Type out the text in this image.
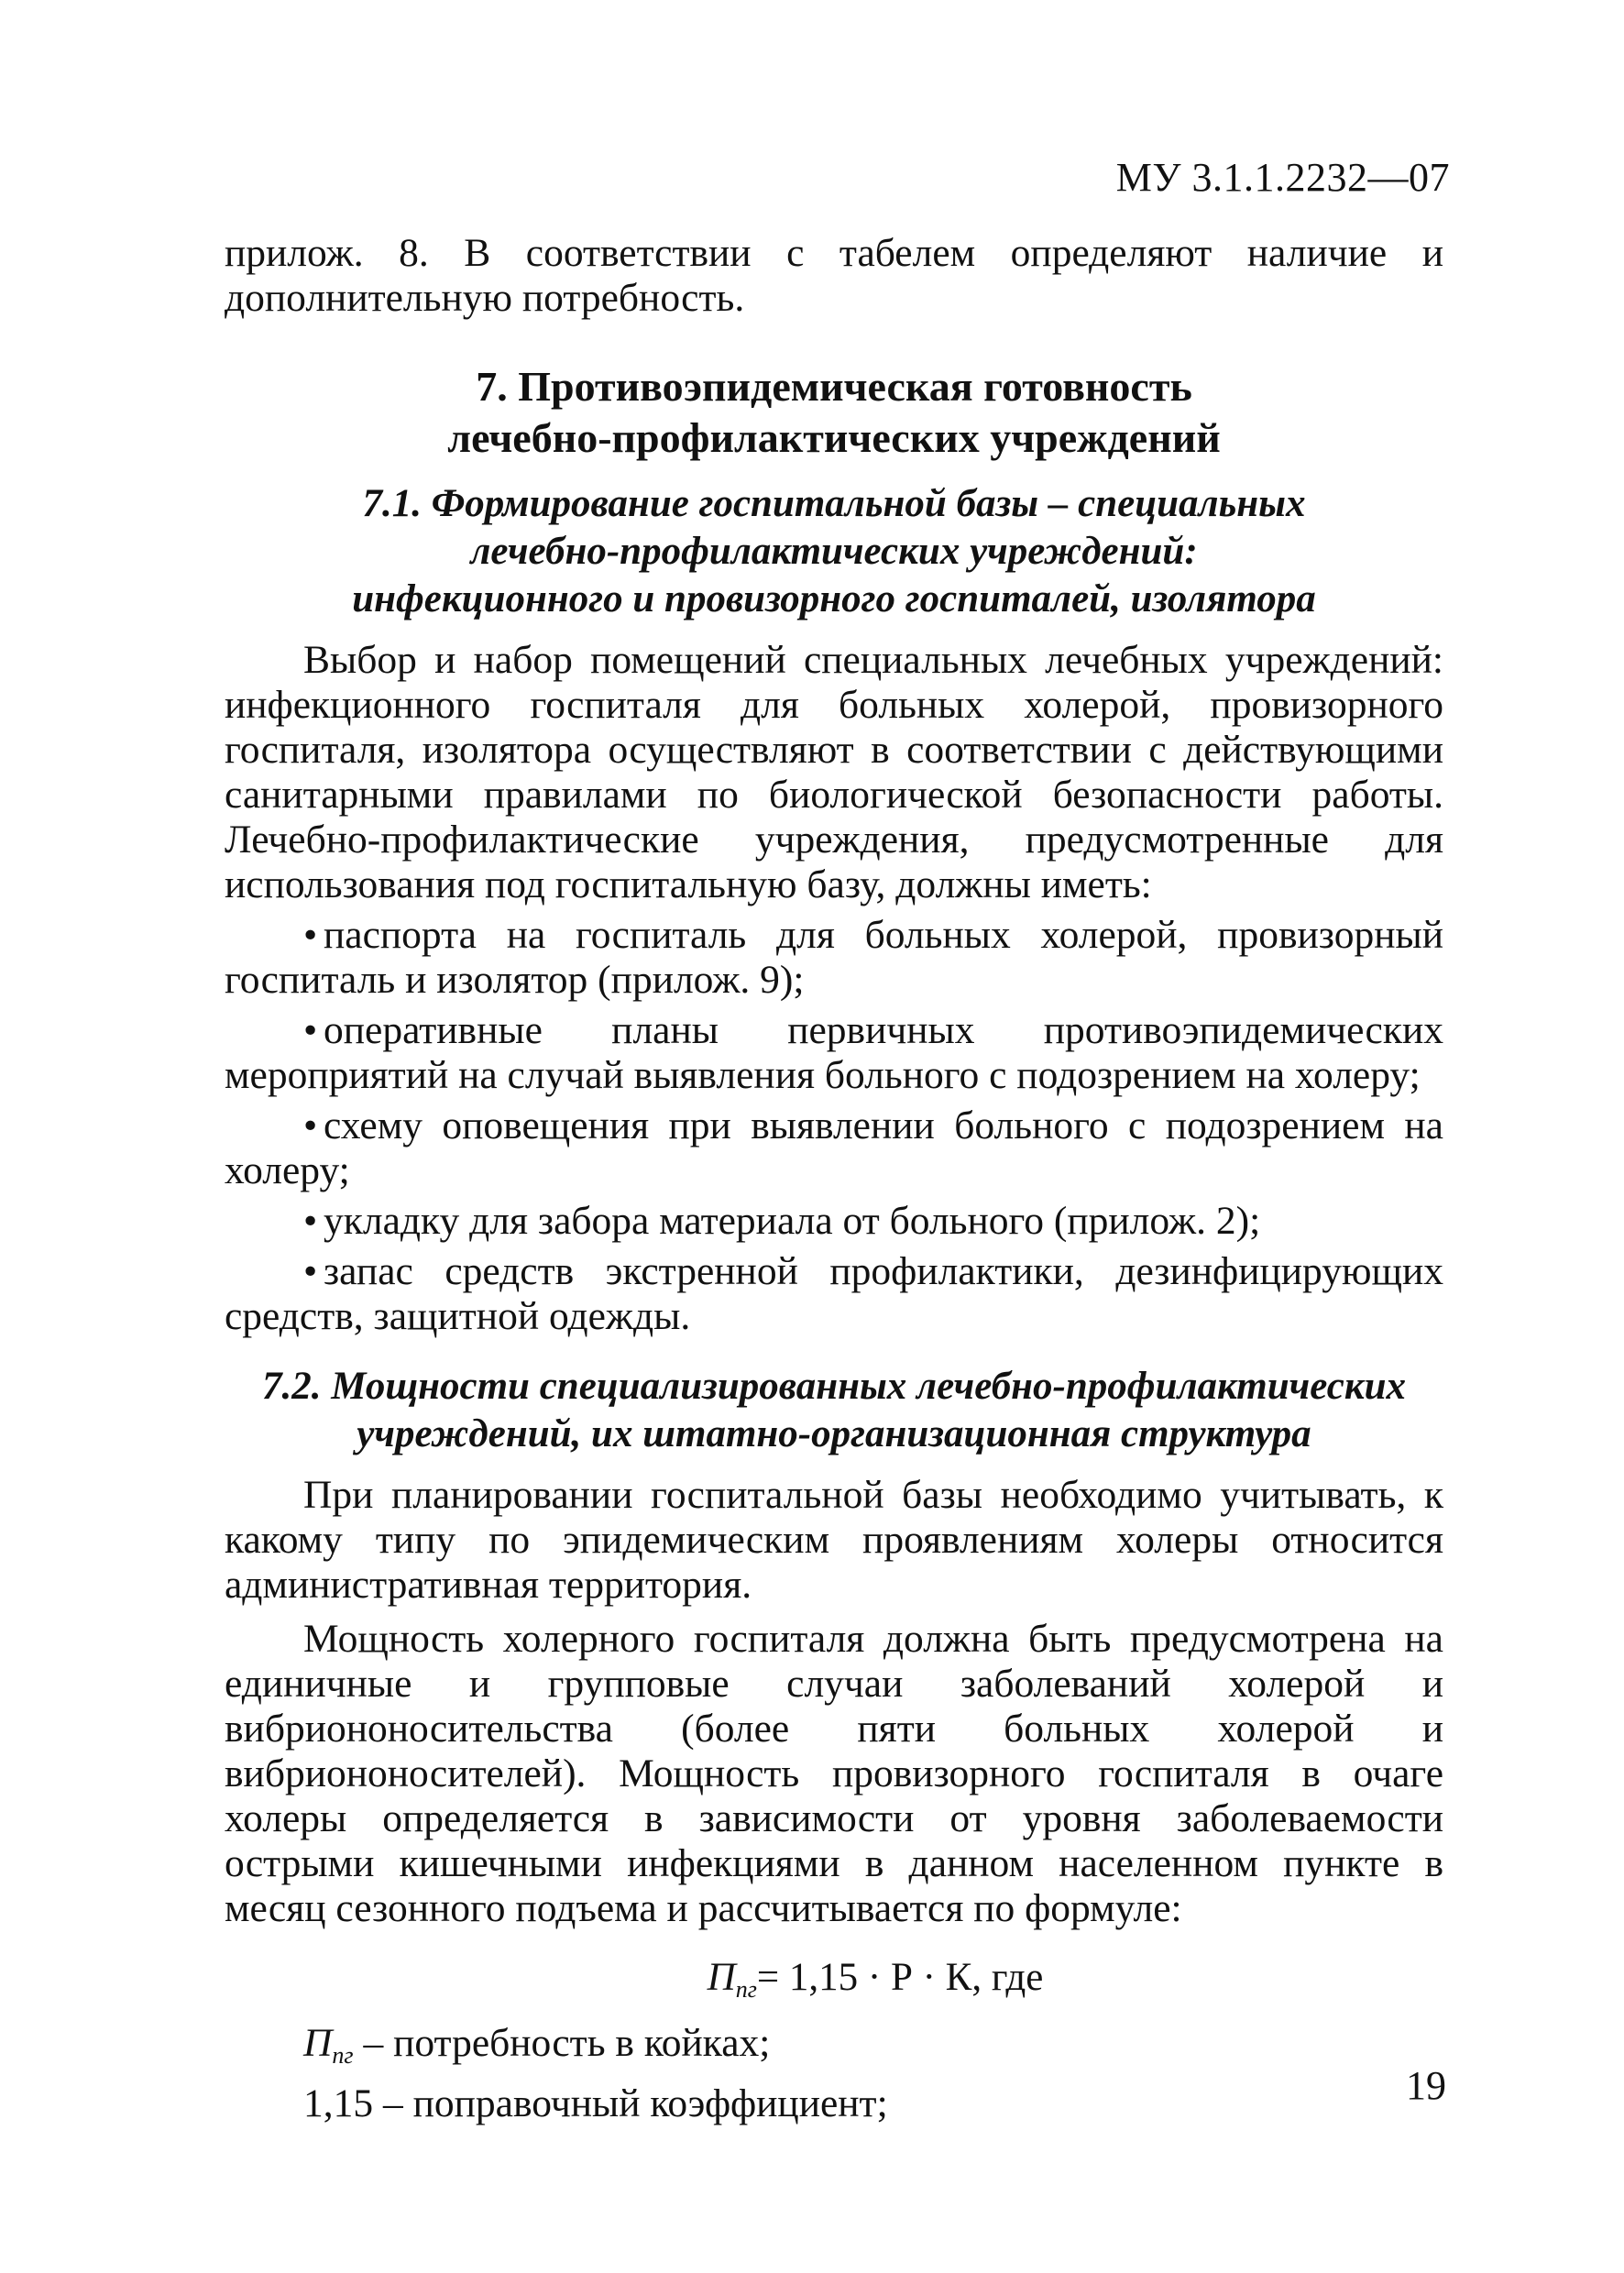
МУ 3.1.1.2232—07

прилож. 8. В соответствии с табелем определяют наличие и дополнительную потребность.

7. Противоэпидемическая готовность
лечебно-профилактических учреждений
7.1. Формирование госпитальной базы – специальных
лечебно-профилактических учреждений:
инфекционного и провизорного госпиталей, изолятора

Выбор и набор помещений специальных лечебных учреждений: инфекционного госпиталя для больных холерой, провизорного госпиталя, изолятора осуществляют в соответствии с действующими санитарными правилами по биологической безопасности работы. Лечебно-профилактические учреждения, предусмотренные для использования под госпитальную базу, должны иметь:

• паспорта на госпиталь для больных холерой, провизорный госпиталь и изолятор (прилож. 9);

• оперативные планы первичных противоэпидемических мероприятий на случай выявления больного с подозрением на холеру;

• схему оповещения при выявлении больного с подозрением на холеру;

• укладку для забора материала от больного (прилож. 2);

• запас средств экстренной профилактики, дезинфицирующих средств, защитной одежды.

7.2. Мощности специализированных лечебно-профилактических
учреждений, их штатно-организационная структура

При планировании госпитальной базы необходимо учитывать, к какому типу по эпидемическим проявлениям холеры относится административная территория.

Мощность холерного госпиталя должна быть предусмотрена на единичные и групповые случаи заболеваний холерой и вибриононосительства (более пяти больных холерой и вибриононосителей). Мощность провизорного госпиталя в очаге холеры определяется в зависимости от уровня заболеваемости острыми кишечными инфекциями в данном населенном пункте в месяц сезонного подъема и рассчитывается по формуле:

$П_{пг}= 1,15 \cdot Р \cdot К$, где
$П_{пг}$ – потребность в койках;
1,15 – поправочный коэффициент;	19
